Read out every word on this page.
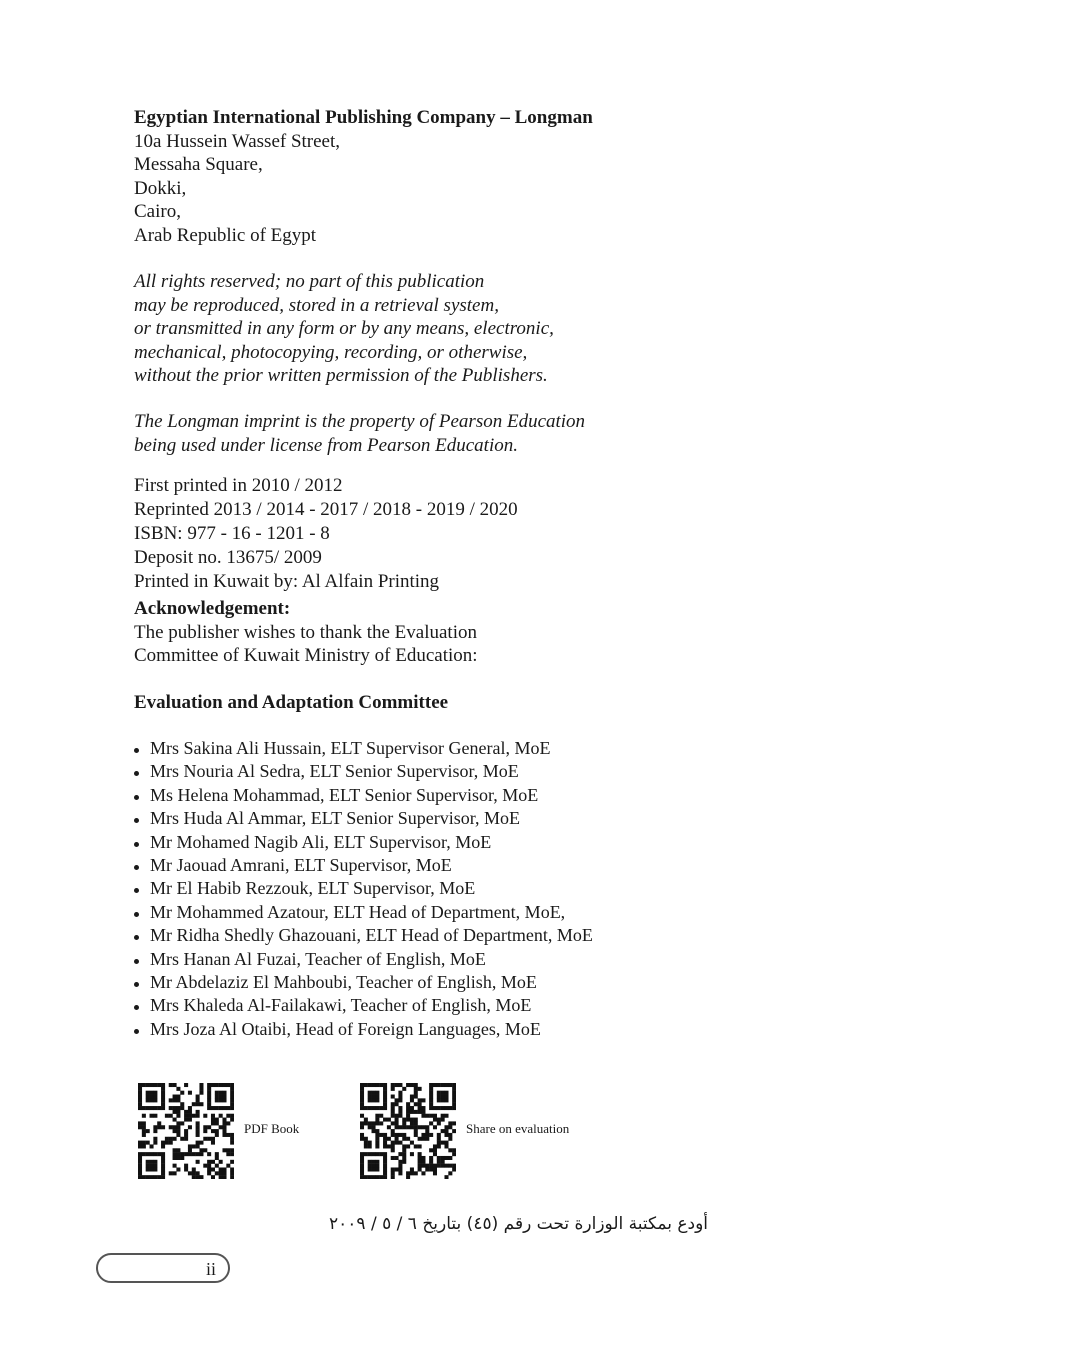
Egyptian International Publishing Company – Longman

10a Hussein Wassef Street,

Messaha Square,

Dokki,

Cairo,

Arab Republic of Egypt

All rights reserved; no part of this publication

may be reproduced, stored in a retrieval system,

or transmitted in any form or by any means, electronic,

mechanical, photocopying, recording, or otherwise,

without the prior written permission of the Publishers.

The Longman imprint is the property of Pearson Education

being used under license from Pearson Education.

First printed in 2010 / 2012

Reprinted 2013 / 2014 - 2017 / 2018 - 2019 / 2020

ISBN: 977 - 16 - 1201 - 8

Deposit no. 13675/ 2009

Printed in Kuwait by: Al Alfain Printing

Acknowledgement:

The publisher wishes to thank the Evaluation

Committee of Kuwait Ministry of Education:

Evaluation and Adaptation Committee
Mrs Sakina Ali Hussain, ELT Supervisor General, MoE
Mrs Nouria Al Sedra, ELT Senior Supervisor, MoE
Ms Helena Mohammad, ELT Senior Supervisor, MoE
Mrs Huda Al Ammar, ELT Senior Supervisor, MoE
Mr Mohamed Nagib Ali, ELT Supervisor, MoE
Mr Jaouad Amrani, ELT Supervisor, MoE
Mr El Habib Rezzouk, ELT Supervisor, MoE
Mr Mohammed Azatour, ELT Head of Department, MoE,
Mr Ridha Shedly Ghazouani, ELT Head of Department, MoE
Mrs Hanan Al Fuzai, Teacher of English, MoE
Mr Abdelaziz El Mahboubi, Teacher of English, MoE
Mrs Khaleda Al-Failakawi, Teacher of English, MoE
Mrs Joza Al Otaibi, Head of Foreign Languages, MoE
PDF Book	Share on evaluation
أودع بمكتبة الوزارة تحت رقم (٤٥) بتاريخ ٦ / ٥ / ٢٠٠٩
ii
